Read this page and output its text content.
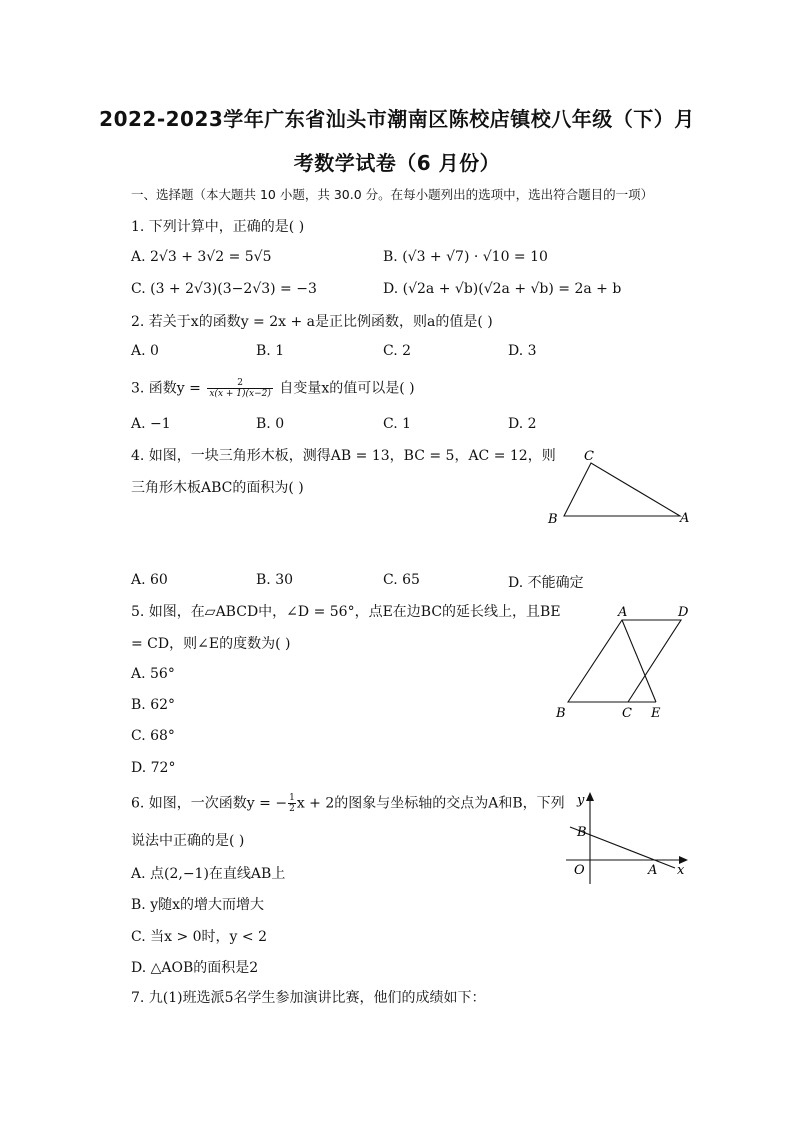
2022-2023学年广东省汕头市潮南区陈校店镇校八年级（下）月
考数学试卷（6 月份）
一、选择题（本大题共 10 小题，共 30.0 分。在每小题列出的选项中，选出符合题目的一项）
1. 下列计算中，正确的是( )
A. 2√3 + 3√2 = 5√5	B. (√3 + √7) · √10 = 10
C. (3 + 2√3)(3−2√3) = −3	D. (√2a + √b)(√2a + √b) = 2a + b
2. 若关于x的函数y = 2x + a是正比例函数，则a的值是( )
A. 0	B. 1	C. 2	D. 3
3. 函数$y = \frac{2}{x(x + 1)(x-2)}$ 自变量x的值可以是( )
A. −1	B. 0	C. 1	D. 2
4. 如图，一块三角形木板，测得AB = 13，BC = 5，AC = 12，则
三角形木板ABC的面积为( )
C
B	A
A. 60	B. 30	C. 65	D. 不能确定
5. 如图，在▱ABCD中，∠D = 56°，点E在边BC的延长线上，且BE
= CD，则∠E的度数为( )
A	D
B	C E
A. 56°
B. 62°
C. 68°
D. 72°
6. 如图，一次函数y = − $\frac{1}{2}$ x + 2的图象与坐标轴的交点为A和B，下列
说法中正确的是( )
y
x
O	A
B
A. 点(2,−1)在直线AB上
B. y随x的增大而增大
C. 当x > 0时，y < 2
D. △AOB的面积是2
7. 九(1)班选派5名学生参加演讲比赛，他们的成绩如下：
